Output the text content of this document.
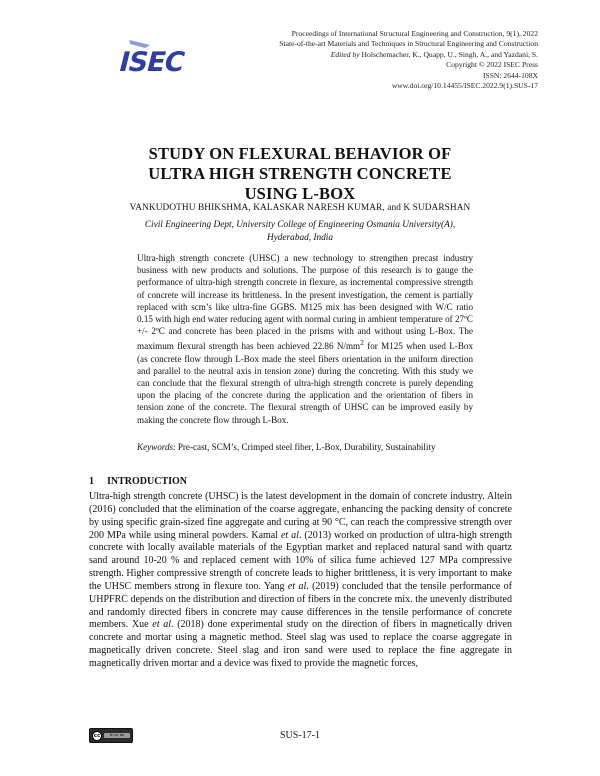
ISEC
Proceedings of International Structural Engineering and Construction, 9(1), 2022
State-of-the-art Materials and Techniques in Structural Engineering and Construction
Edited by Holschemacher, K., Quapp, U., Singh, A., and Yazdani, S.
Copyright © 2022 ISEC Press
ISSN: 2644-108X
www.doi.org/10.14455/ISEC.2022.9(1).SUS-17
STUDY ON FLEXURAL BEHAVIOR OF
ULTRA HIGH STRENGTH CONCRETE
USING L-BOX
VANKUDOTHU BHIKSHMA, KALASKAR NARESH KUMAR, and K SUDARSHAN
Civil Engineering Dept, University College of Engineering Osmania University(A),
Hyderabad, India

Ultra-high strength concrete (UHSC) a new technology to strengthen precast industry business with new products and solutions. The purpose of this research is to gauge the performance of ultra-high strength concrete in flexure, as incremental compressive strength of concrete will increase its brittleness. In the present investigation, the cement is partially replaced with scm’s like ultra-fine GGBS. M125 mix has been designed with W/C ratio 0.15 with high end water reducing agent with normal curing in ambient temperature of 27ºC +/- 2ºC and concrete has been placed in the prisms with and without using L-Box. The maximum flexural strength has been achieved 22.86 $N/mm^2$ for M125 when used L-Box (as concrete flow through L-Box made the steel fibers orientation in the uniform direction and parallel to the neutral axis in tension zone) during the concreting. With this study we can conclude that the flexural strength of ultra-high strength concrete is purely depending upon the placing of the concrete during the application and the orientation of fibers in tension zone of the concrete. The flexural strength of UHSC can be improved easily by making the concrete flow through L-Box.

Keywords: Pre-cast, SCM’s, Crimped steel fiber, L-Box, Durability, Sustainability
1 INTRODUCTION

Ultra-high strength concrete (UHSC) is the latest development in the domain of concrete industry. Altein (2016) concluded that the elimination of the coarse aggregate, enhancing the packing density of concrete by using specific grain-sized fine aggregate and curing at 90 °C, can reach the compressive strength over 200 MPa while using mineral powders. Kamal et al. (2013) worked on production of ultra-high strength concrete with locally available materials of the Egyptian market and replaced natural sand with quartz sand around 10-20 % and replaced cement with 10% of silica fume achieved 127 MPa compressive strength. Higher compressive strength of concrete leads to higher brittleness, it is very important to make the UHSC members strong in flexure too. Yang et al. (2019) concluded that the tensile performance of UHPFRC depends on the distribution and direction of fibers in the concrete mix. the unevenly distributed and randomly directed fibers in concrete may cause differences in the tensile performance of concrete members. Xue et al. (2018) done experimental study on the direction of fibers in magnetically driven concrete and mortar using a magnetic method. Steel slag was used to replace the coarse aggregate in magnetically driven concrete. Steel slag and iron sand were used to replace the fine aggregate in magnetically driven mortar and a device was fixed to provide the magnetic forces,

cc	BY NC ND	SUS-17-1
